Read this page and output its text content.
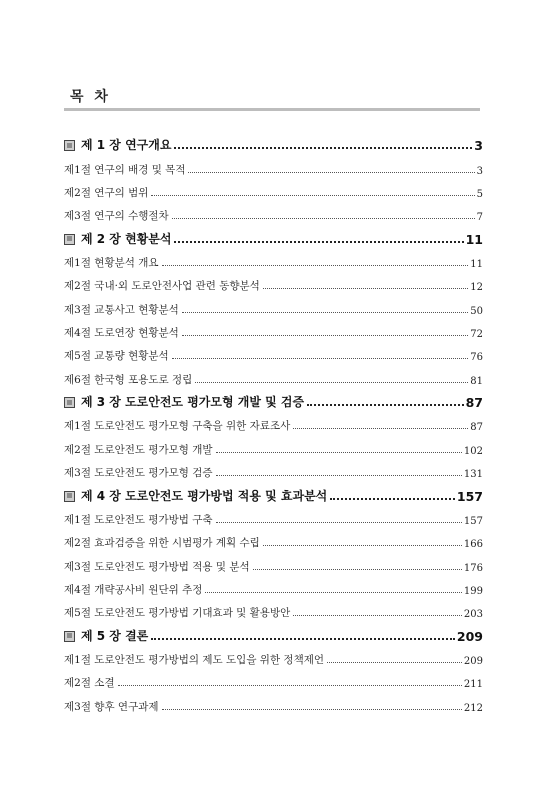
목 차
제 1 장 연구개요	3
제1절 연구의 배경 및 목적	3
제2절 연구의 범위	5
제3절 연구의 수행절차	7
제 2 장 현황분석	11
제1절 현황분석 개요	11
제2절 국내·외 도로안전사업 관련 동향분석	12
제3절 교통사고 현황분석	50
제4절 도로연장 현황분석	72
제5절 교통량 현황분석	76
제6절 한국형 포용도로 정립	81
제 3 장 도로안전도 평가모형 개발 및 검증	87
제1절 도로안전도 평가모형 구축을 위한 자료조사	87
제2절 도로안전도 평가모형 개발	102
제3절 도로안전도 평가모형 검증	131
제 4 장 도로안전도 평가방법 적용 및 효과분석	157
제1절 도로안전도 평가방법 구축	157
제2절 효과검증을 위한 시범평가 계획 수립	166
제3절 도로안전도 평가방법 적용 및 분석	176
제4절 개략공사비 원단위 추정	199
제5절 도로안전도 평가방법 기대효과 및 활용방안	203
제 5 장 결론	209
제1절 도로안전도 평가방법의 제도 도입을 위한 정책제언	209
제2절 소결	211
제3절 향후 연구과제	212
